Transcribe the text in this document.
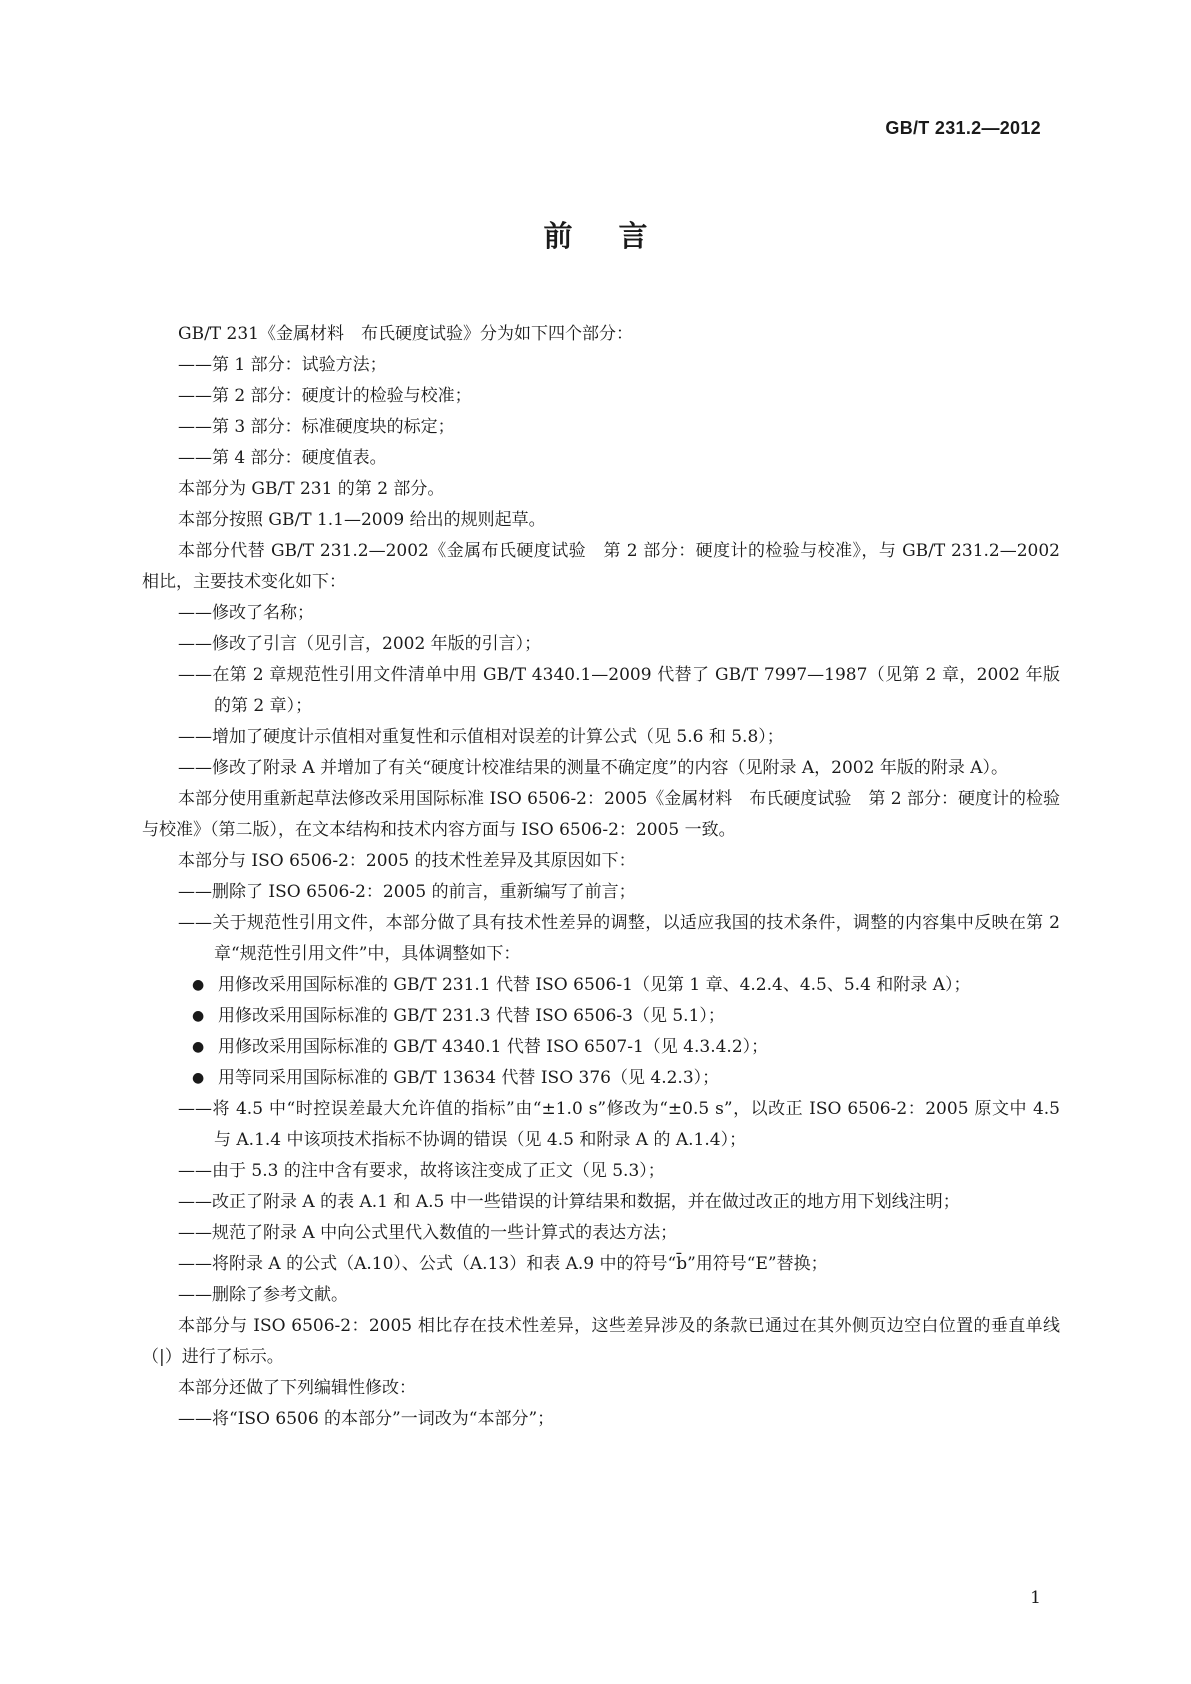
GB/T 231.2—2012
前言
GB/T 231《金属材料　布氏硬度试验》分为如下四个部分：
——第 1 部分：试验方法；
——第 2 部分：硬度计的检验与校准；
——第 3 部分：标准硬度块的标定；
——第 4 部分：硬度值表。
本部分为 GB/T 231 的第 2 部分。
本部分按照 GB/T 1.1—2009 给出的规则起草。
本部分代替 GB/T 231.2—2002《金属布氏硬度试验　第 2 部分：硬度计的检验与校准》，与 GB/T 231.2—2002 相比，主要技术变化如下：
——修改了名称；
——修改了引言（见引言，2002 年版的引言）；
——在第 2 章规范性引用文件清单中用 GB/T 4340.1—2009 代替了 GB/T 7997—1987（见第 2 章，2002 年版的第 2 章）；
——增加了硬度计示值相对重复性和示值相对误差的计算公式（见 5.6 和 5.8）；
——修改了附录 A 并增加了有关“硬度计校准结果的测量不确定度”的内容（见附录 A，2002 年版的附录 A）。
本部分使用重新起草法修改采用国际标准 ISO 6506-2：2005《金属材料　布氏硬度试验　第 2 部分：硬度计的检验与校准》（第二版），在文本结构和技术内容方面与 ISO 6506-2：2005 一致。
本部分与 ISO 6506-2：2005 的技术性差异及其原因如下：
——删除了 ISO 6506-2：2005 的前言，重新编写了前言；
——关于规范性引用文件，本部分做了具有技术性差异的调整，以适应我国的技术条件，调整的内容集中反映在第 2 章“规范性引用文件”中，具体调整如下：
● 用修改采用国际标准的 GB/T 231.1 代替 ISO 6506-1（见第 1 章、4.2.4、4.5、5.4 和附录 A）；
● 用修改采用国际标准的 GB/T 231.3 代替 ISO 6506-3（见 5.1）；
● 用修改采用国际标准的 GB/T 4340.1 代替 ISO 6507-1（见 4.3.4.2）；
● 用等同采用国际标准的 GB/T 13634 代替 ISO 376（见 4.2.3）；
——将 4.5 中“时控误差最大允许值的指标”由“±1.0 s”修改为“±0.5 s”，以改正 ISO 6506-2：2005 原文中 4.5 与 A.1.4 中该项技术指标不协调的错误（见 4.5 和附录 A 的 A.1.4）；
——由于 5.3 的注中含有要求，故将该注变成了正文（见 5.3）；
——改正了附录 A 的表 A.1 和 A.5 中一些错误的计算结果和数据，并在做过改正的地方用下划线注明；
——规范了附录 A 中向公式里代入数值的一些计算式的表达方法；
——将附录 A 的公式（A.10）、公式（A.13）和表 A.9 中的符号“b̄”用符号“E”替换；
——删除了参考文献。
本部分与 ISO 6506-2：2005 相比存在技术性差异，这些差异涉及的条款已通过在其外侧页边空白位置的垂直单线（|）进行了标示。
本部分还做了下列编辑性修改：
——将“ISO 6506 的本部分”一词改为“本部分”；
1
